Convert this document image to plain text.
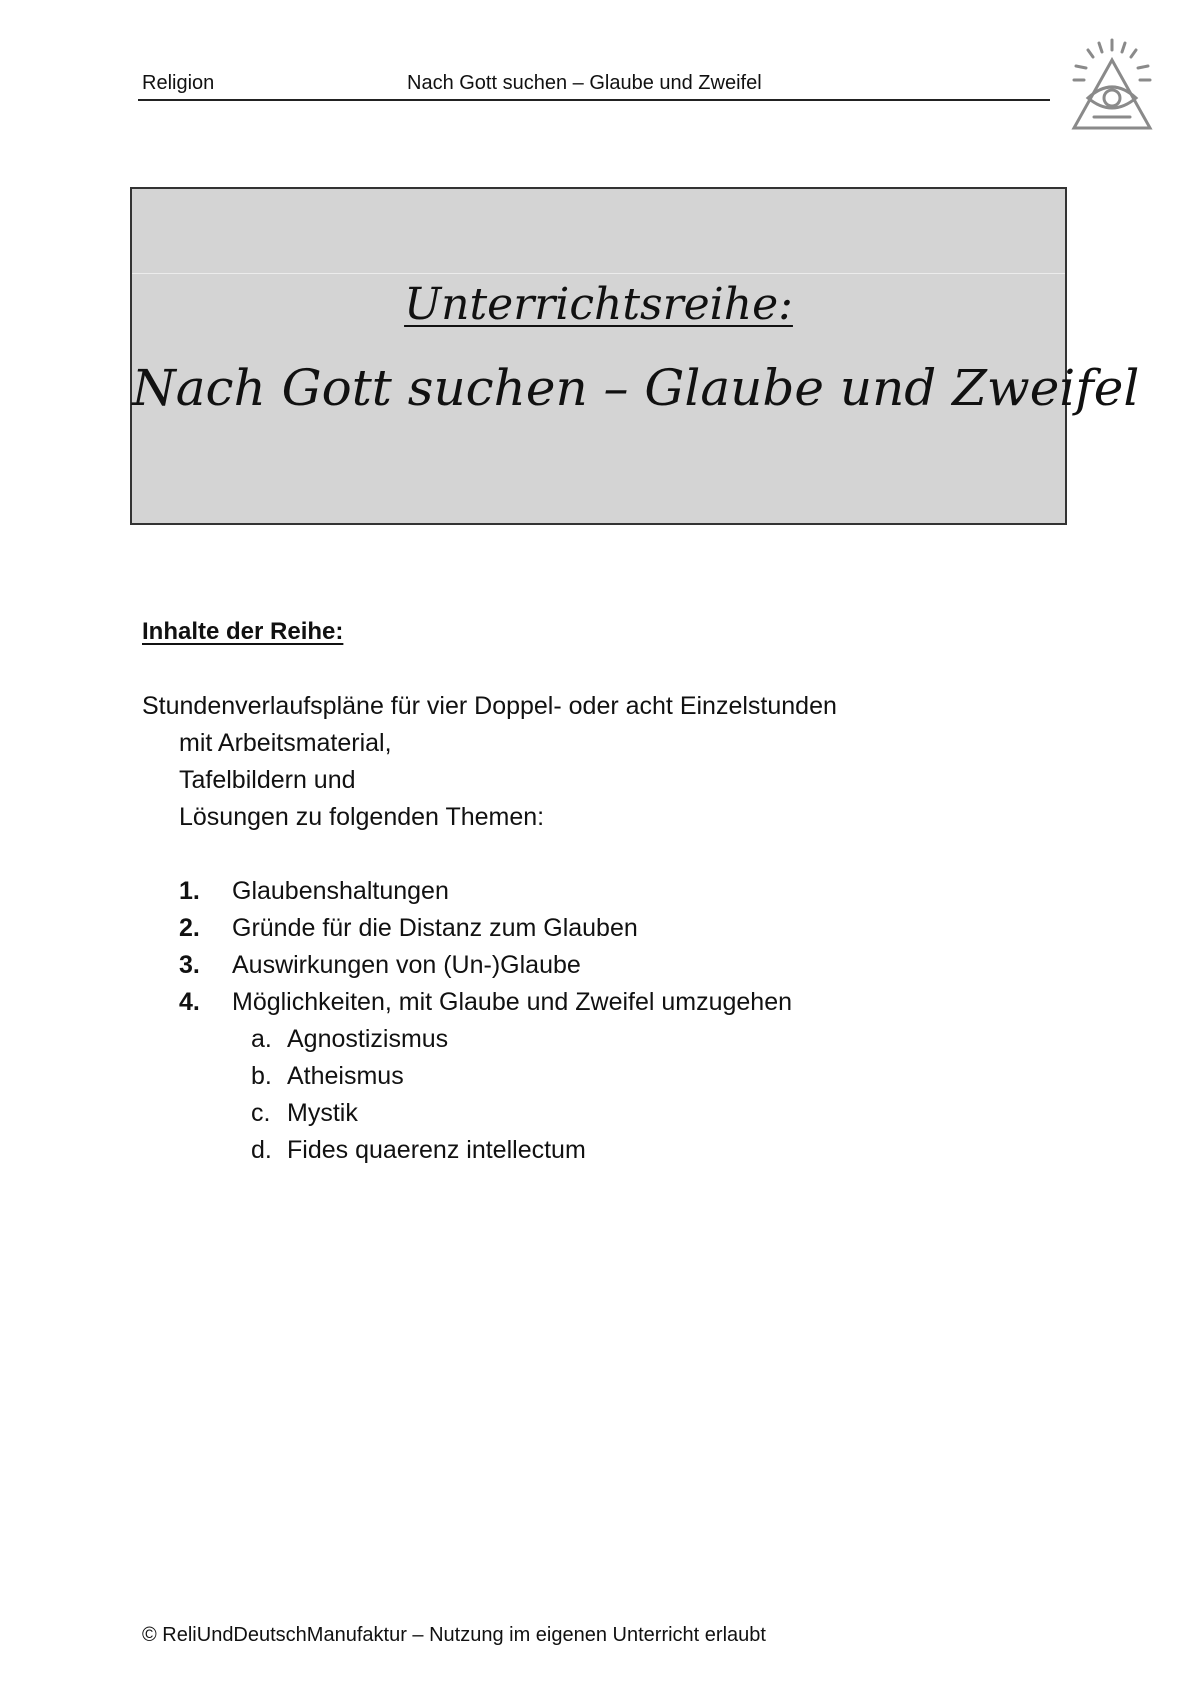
Religion	Nach Gott suchen – Glaube und Zweifel
Unterrichtsreihe:
Nach Gott suchen – Glaube und Zweifel
Inhalte der Reihe:
Stundenverlaufspläne für vier Doppel- oder acht Einzelstunden
mit Arbeitsmaterial,
Tafelbildern und
Lösungen zu folgenden Themen:
1. Glaubenshaltungen
2. Gründe für die Distanz zum Glauben
3. Auswirkungen von (Un-)Glaube
4. Möglichkeiten, mit Glaube und Zweifel umzugehen
a. Agnostizismus
b. Atheismus
c. Mystik
d. Fides quaerenz intellectum
© ReliUndDeutschManufaktur – Nutzung im eigenen Unterricht erlaubt
